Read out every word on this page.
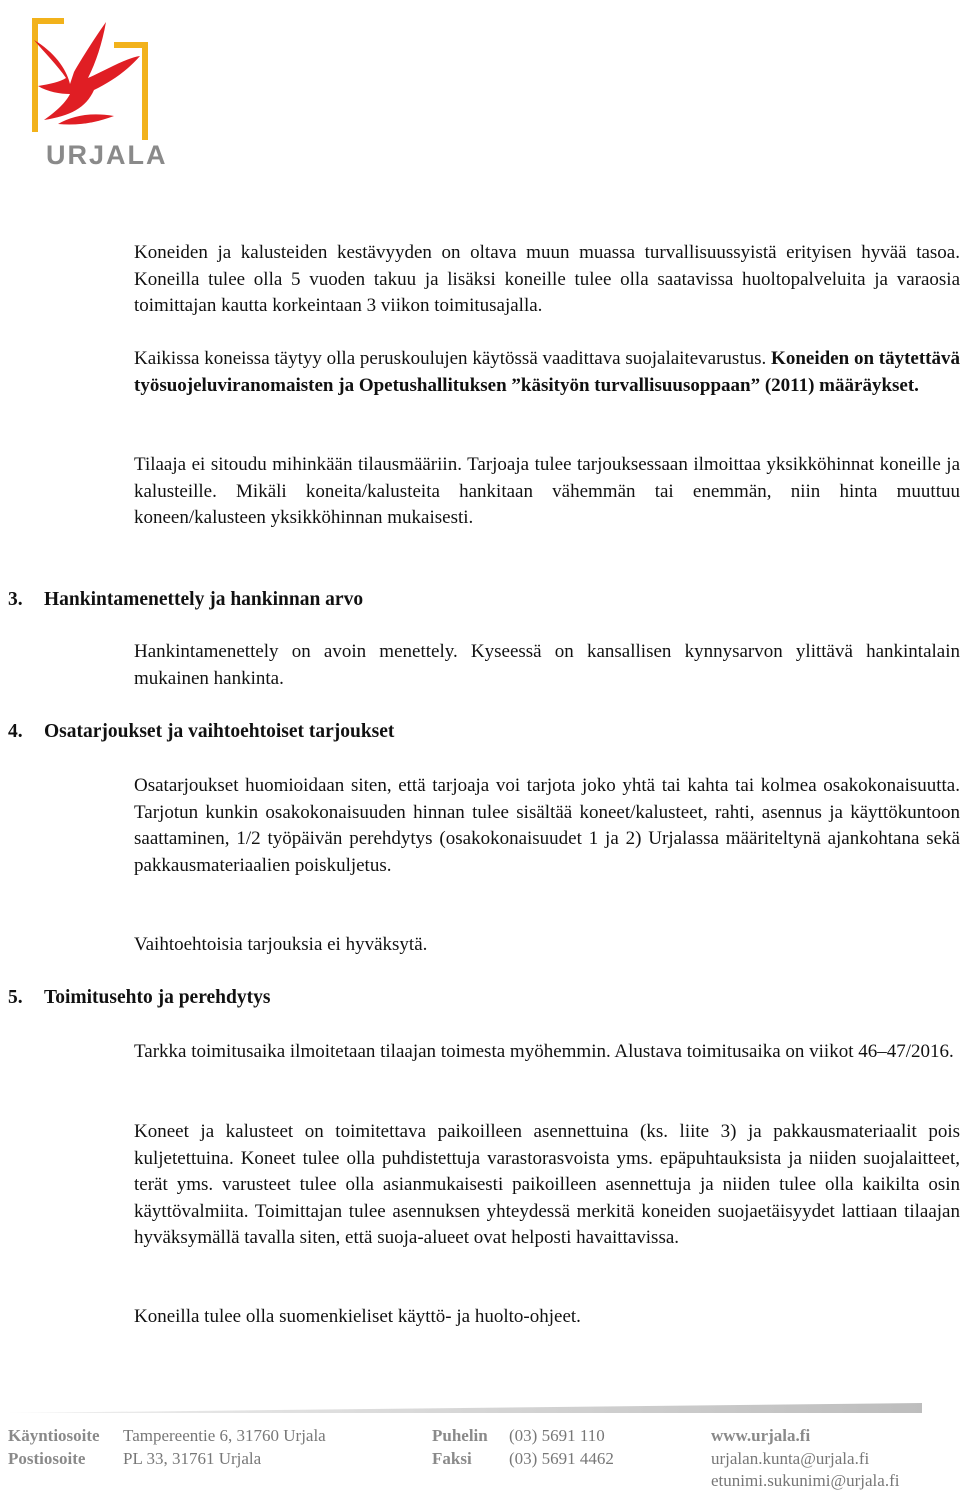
URJALA

Koneiden ja kalusteiden kestävyyden on oltava muun muassa turvallisuussyistä erityisen hyvää tasoa. Koneilla tulee olla 5 vuoden takuu ja lisäksi koneille tulee olla saatavissa huoltopalveluita ja varaosia toimittajan kautta korkeintaan 3 viikon toimitusajalla.

Kaikissa koneissa täytyy olla peruskoulujen käytössä vaadittava suojalaitevarustus. Koneiden on täytettävä työsuojeluviranomaisten ja Opetushallituksen ”käsityön turvallisuusoppaan” (2011) määräykset.

Tilaaja ei sitoudu mihinkään tilausmääriin. Tarjoaja tulee tarjouksessaan ilmoittaa yksikköhinnat koneille ja kalusteille. Mikäli koneita/kalusteita hankitaan vähemmän tai enemmän, niin hinta muuttuu koneen/kalusteen yksikköhinnan mukaisesti.

3. Hankintamenettely ja hankinnan arvo

Hankintamenettely on avoin menettely. Kyseessä on kansallisen kynnysarvon ylittävä hankintalain mukainen hankinta.

4. Osatarjoukset ja vaihtoehtoiset tarjoukset

Osatarjoukset huomioidaan siten, että tarjoaja voi tarjota joko yhtä tai kahta tai kolmea osakokonaisuutta. Tarjotun kunkin osakokonaisuuden hinnan tulee sisältää koneet/kalusteet, rahti, asennus ja käyttökuntoon saattaminen, 1/2 työpäivän perehdytys (osakokonaisuudet 1 ja 2) Urjalassa määriteltynä ajankohtana sekä pakkausmateriaalien poiskuljetus.

Vaihtoehtoisia tarjouksia ei hyväksytä.

5. Toimitusehto ja perehdytys

Tarkka toimitusaika ilmoitetaan tilaajan toimesta myöhemmin. Alustava toimitusaika on viikot 46–47/2016.

Koneet ja kalusteet on toimitettava paikoilleen asennettuina (ks. liite 3) ja pakkausmateriaalit pois kuljetettuina. Koneet tulee olla puhdistettuja varastorasvoista yms. epäpuhtauksista ja niiden suojalaitteet, terät yms. varusteet tulee olla asianmukaisesti paikoilleen asennettuja ja niiden tulee olla kaikilta osin käyttövalmiita. Toimittajan tulee asennuksen yhteydessä merkitä koneiden suojaetäisyydet lattiaan tilaajan hyväksymällä tavalla siten, että suoja-alueet ovat helposti havaittavissa.

Koneilla tulee olla suomenkieliset käyttö- ja huolto-ohjeet.

Käyntiosoite Tampereentie 6, 31760 Urjala
Postiosoite PL 33, 31761 Urjala
Puhelin (03) 5691 110
Faksi (03) 5691 4462
www.urjala.fi
urjalan.kunta@urjala.fi
etunimi.sukunimi@urjala.fi
